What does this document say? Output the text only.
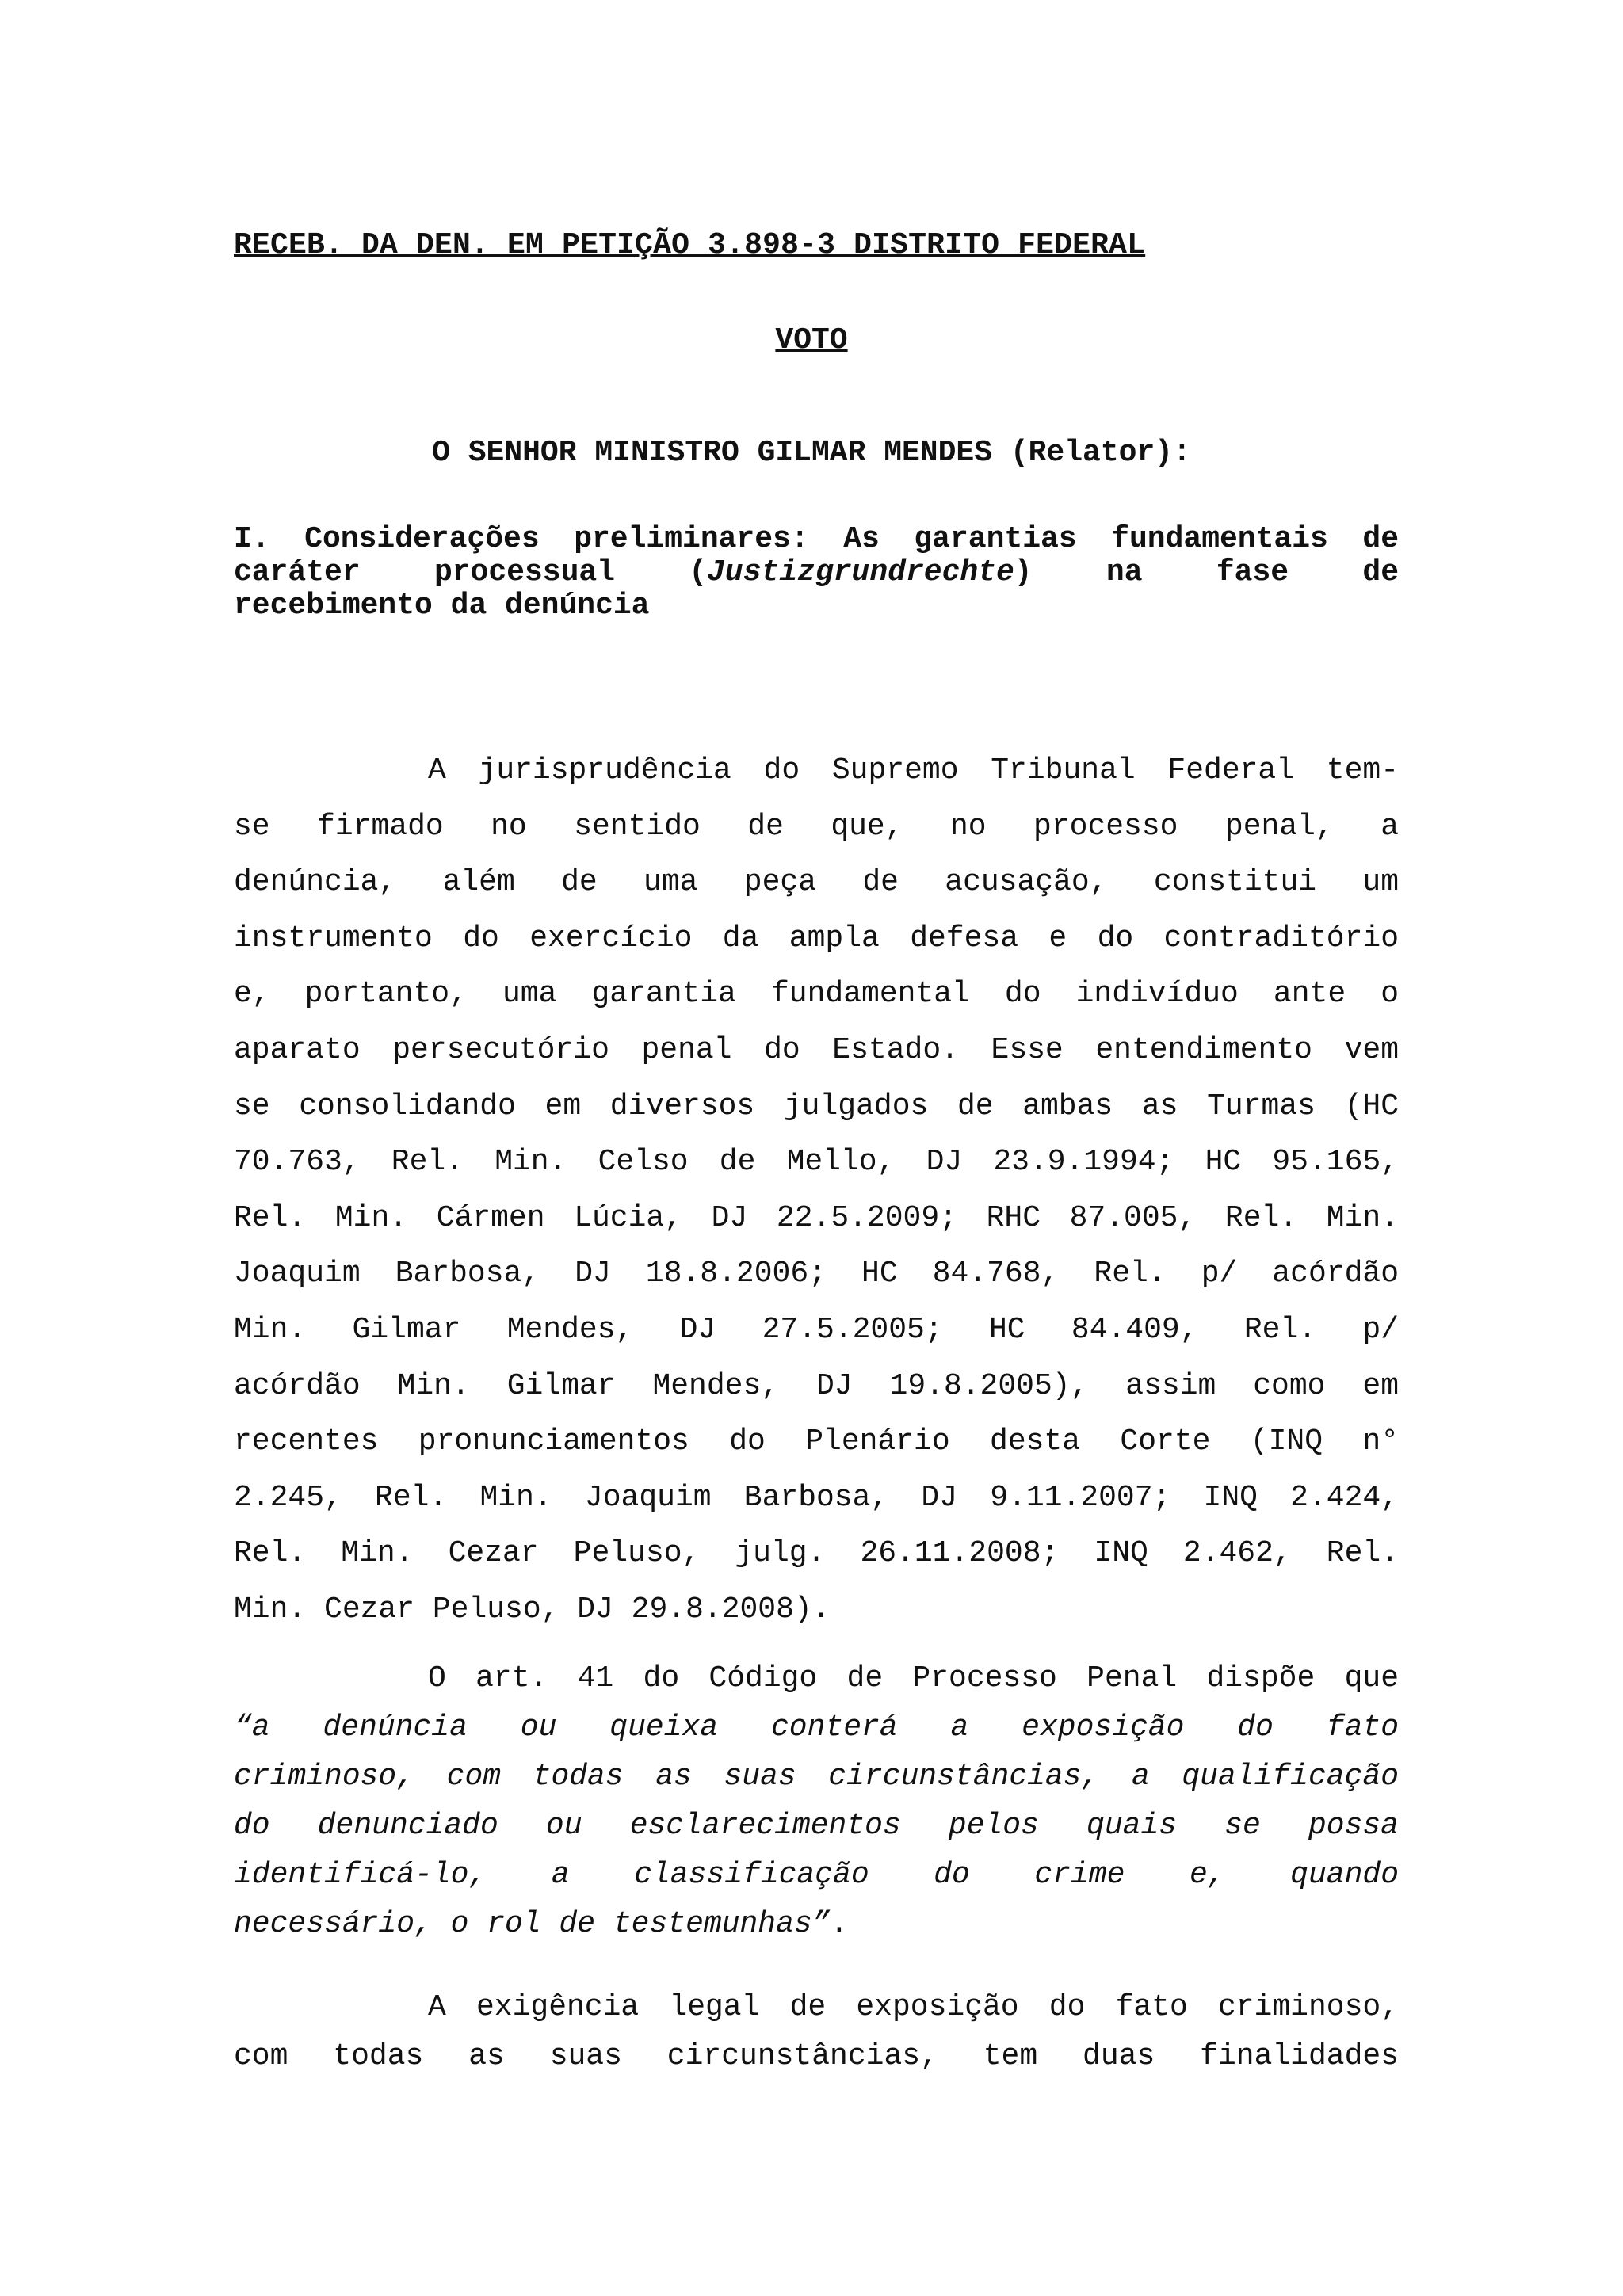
RECEB. DA DEN. EM PETIÇÃO 3.898-3 DISTRITO FEDERAL
VOTO
O SENHOR MINISTRO GILMAR MENDES (Relator):
I. Considerações preliminares: As garantias fundamentais de
caráter processual (Justizgrundrechte) na fase de
recebimento da denúncia
A jurisprudência do Supremo Tribunal Federal tem-
se firmado no sentido de que, no processo penal, a
denúncia, além de uma peça de acusação, constitui um
instrumento do exercício da ampla defesa e do contraditório
e, portanto, uma garantia fundamental do indivíduo ante o
aparato persecutório penal do Estado. Esse entendimento vem
se consolidando em diversos julgados de ambas as Turmas (HC
70.763, Rel. Min. Celso de Mello, DJ 23.9.1994; HC 95.165,
Rel. Min. Cármen Lúcia, DJ 22.5.2009; RHC 87.005, Rel. Min.
Joaquim Barbosa, DJ 18.8.2006; HC 84.768, Rel. p/ acórdão
Min. Gilmar Mendes, DJ 27.5.2005; HC 84.409, Rel. p/
acórdão Min. Gilmar Mendes, DJ 19.8.2005), assim como em
recentes pronunciamentos do Plenário desta Corte (INQ n°
2.245, Rel. Min. Joaquim Barbosa, DJ 9.11.2007; INQ 2.424,
Rel. Min. Cezar Peluso, julg. 26.11.2008; INQ 2.462, Rel.
Min. Cezar Peluso, DJ 29.8.2008).
O art. 41 do Código de Processo Penal dispõe que
“a denúncia ou queixa conterá a exposição do fato
criminoso, com todas as suas circunstâncias, a qualificação
do denunciado ou esclarecimentos pelos quais se possa
identificá-lo, a classificação do crime e, quando
necessário, o rol de testemunhas”.
A exigência legal de exposição do fato criminoso,
com todas as suas circunstâncias, tem duas finalidades
